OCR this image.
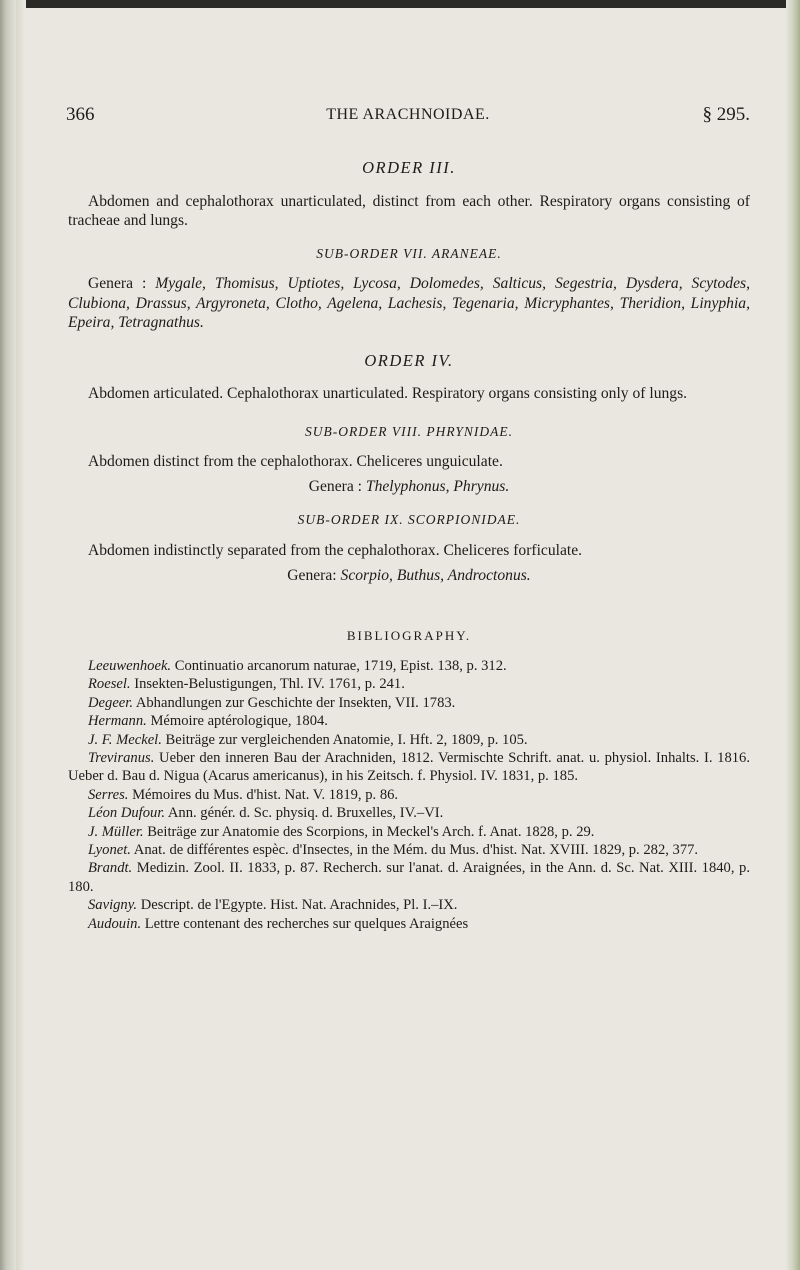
366	THE ARACHNOIDAE.	§ 295.
ORDER III.

Abdomen and cephalothorax unarticulated, distinct from each other. Respiratory organs consisting of tracheae and lungs.

SUB-ORDER VII. ARANEAE.

Genera : Mygale, Thomisus, Uptiotes, Lycosa, Dolomedes, Salticus, Segestria, Dysdera, Scytodes, Clubiona, Drassus, Argyroneta, Clotho, Agelena, Lachesis, Tegenaria, Micryphantes, Theridion, Linyphia, Epeira, Tetragnathus.

ORDER IV.

Abdomen articulated. Cephalothorax unarticulated. Respiratory organs consisting only of lungs.

SUB-ORDER VIII. PHRYNIDAE.

Abdomen distinct from the cephalothorax. Cheliceres unguiculate.

Genera : Thelyphonus, Phrynus.

SUB-ORDER IX. SCORPIONIDAE.

Abdomen indistinctly separated from the cephalothorax. Cheliceres forficulate.

Genera: Scorpio, Buthus, Androctonus.

BIBLIOGRAPHY.

Leeuwenhoek. Continuatio arcanorum naturae, 1719, Epist. 138, p. 312.

Roesel. Insekten-Belustigungen, Thl. IV. 1761, p. 241.

Degeer. Abhandlungen zur Geschichte der Insekten, VII. 1783.

Hermann. Mémoire aptérologique, 1804.

J. F. Meckel. Beiträge zur vergleichenden Anatomie, I. Hft. 2, 1809, p. 105.

Treviranus. Ueber den inneren Bau der Arachniden, 1812. Vermischte Schrift. anat. u. physiol. Inhalts. I. 1816. Ueber d. Bau d. Nigua (Acarus americanus), in his Zeitsch. f. Physiol. IV. 1831, p. 185.

Serres. Mémoires du Mus. d'hist. Nat. V. 1819, p. 86.

Léon Dufour. Ann. génér. d. Sc. physiq. d. Bruxelles, IV.–VI.

J. Müller. Beiträge zur Anatomie des Scorpions, in Meckel's Arch. f. Anat. 1828, p. 29.

Lyonet. Anat. de différentes espèc. d'Insectes, in the Mém. du Mus. d'hist. Nat. XVIII. 1829, p. 282, 377.

Brandt. Medizin. Zool. II. 1833, p. 87. Recherch. sur l'anat. d. Araignées, in the Ann. d. Sc. Nat. XIII. 1840, p. 180.

Savigny. Descript. de l'Egypte. Hist. Nat. Arachnides, Pl. I.–IX.

Audouin. Lettre contenant des recherches sur quelques Araignées
